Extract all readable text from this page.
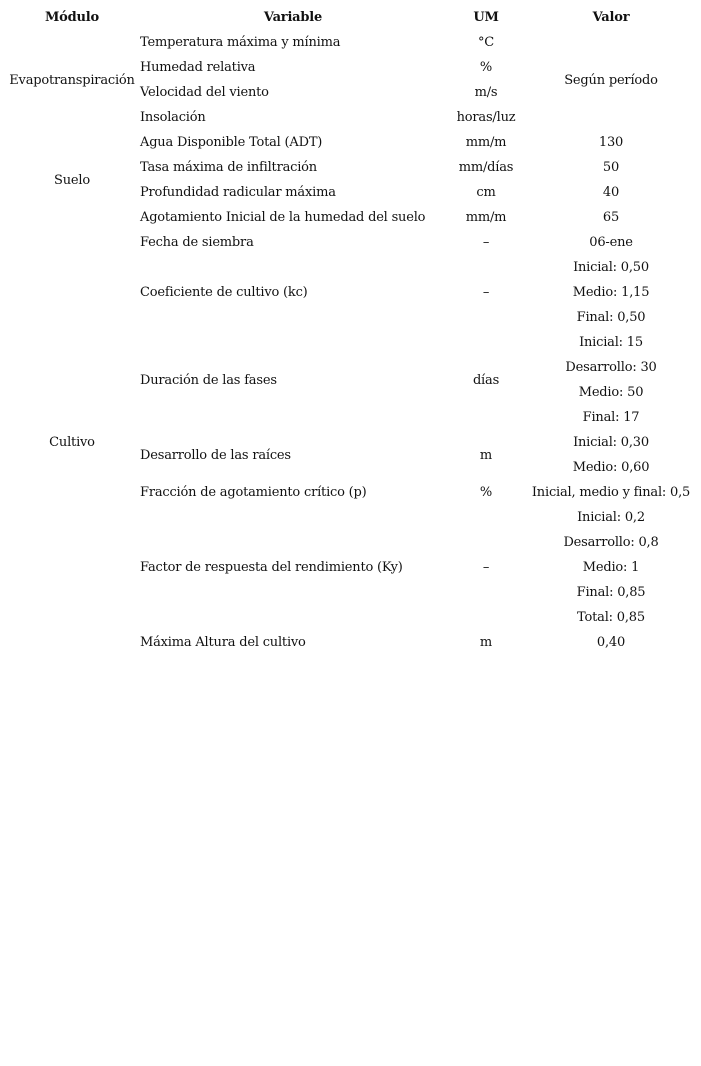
Módulo	Variable	UM	Valor
Evapotranspiración	Temperatura máxima y mínima	°C	Según período
	Humedad relativa	%	
	Velocidad del viento	m/s	
	Insolación	horas/luz	
Suelo	Agua Disponible Total (ADT)	mm/m	130
	Tasa máxima de infiltración	mm/días	50
	Profundidad radicular máxima	cm	40
	Agotamiento Inicial de la humedad del suelo	mm/m	65
Cultivo	Fecha de siembra	–	06-ene
	Coeficiente de cultivo (kc)	–	Inicial: 0,50
			Medio: 1,15
			Final: 0,50
	Duración de las fases	días	Inicial: 15
			Desarrollo: 30
			Medio: 50
			Final: 17
	Desarrollo de las raíces	m	Inicial: 0,30
			Medio: 0,60
	Fracción de agotamiento crítico (p)	%	Inicial, medio y final: 0,5
	Factor de respuesta del rendimiento (Ky)	–	Inicial: 0,2
			Desarrollo: 0,8
			Medio: 1
			Final: 0,85
			Total: 0,85
	Máxima Altura del cultivo	m	0,40
